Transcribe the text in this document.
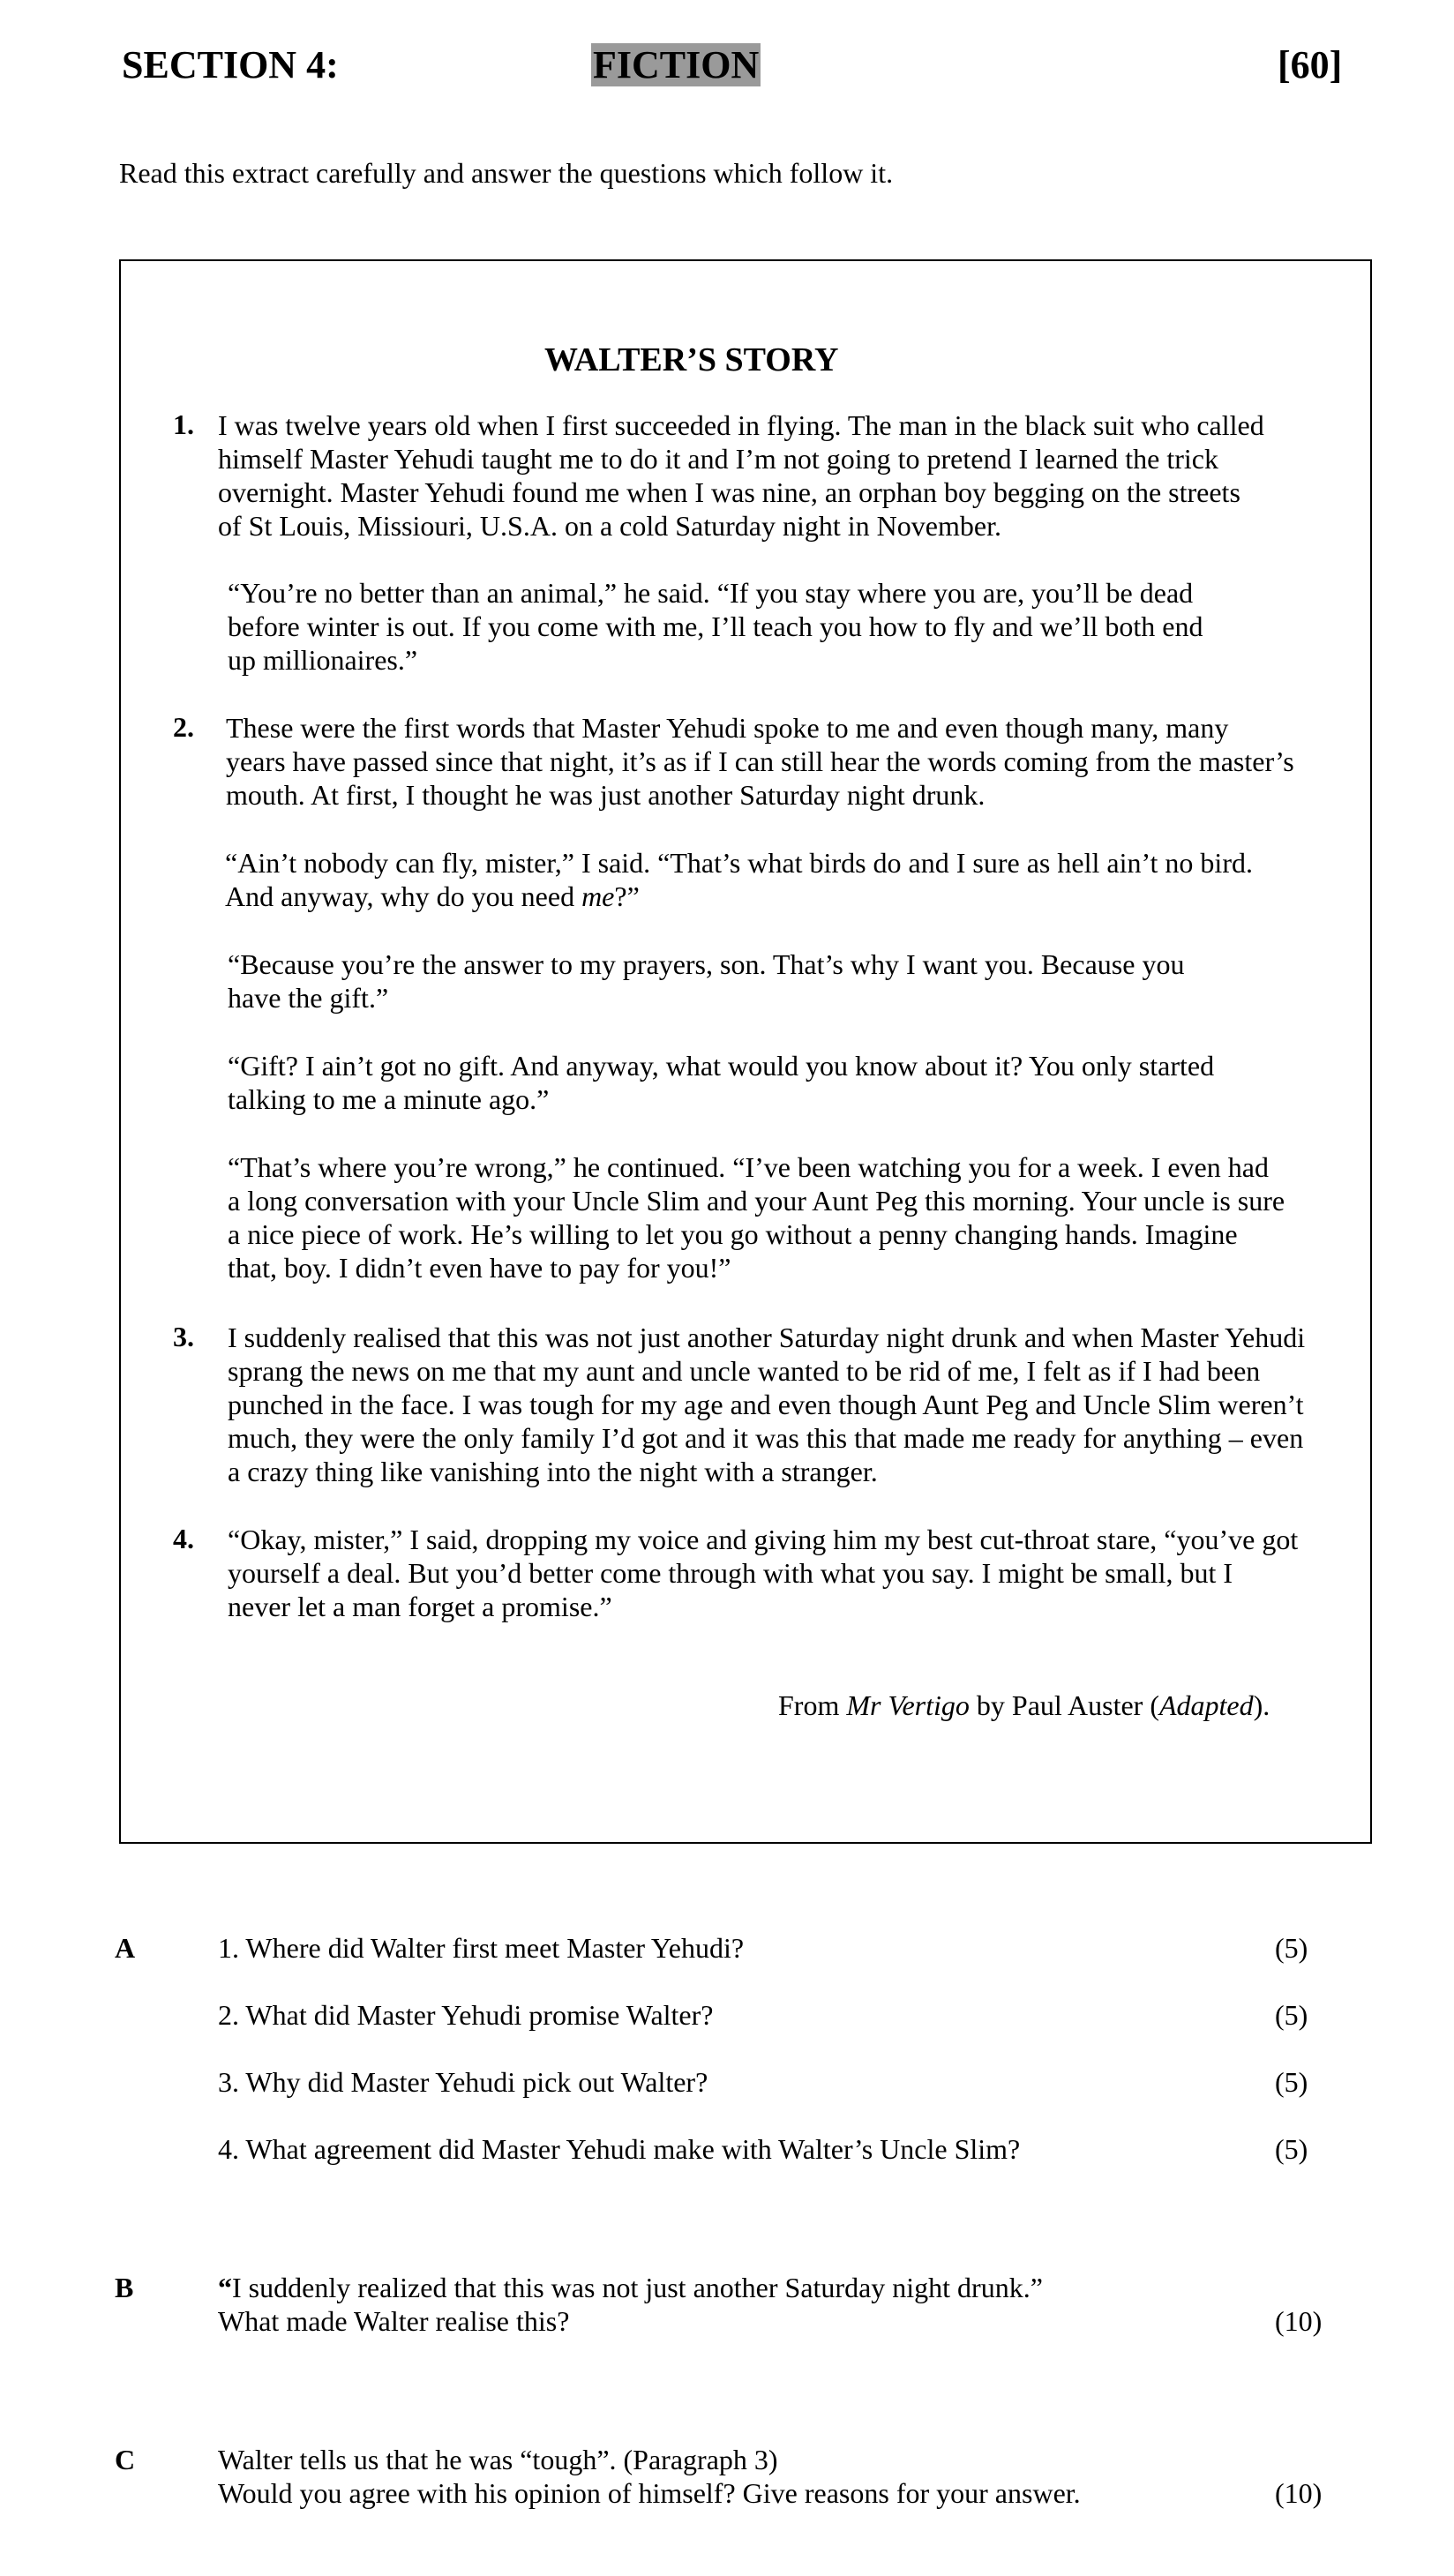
SECTION 4:	FICTION	[60]
Read this extract carefully and answer the questions which follow it.
WALTER’S STORY
1. I was twelve years old when I first succeeded in flying. The man in the black suit who called
himself Master Yehudi taught me to do it and I’m not going to pretend I learned the trick
overnight. Master Yehudi found me when I was nine, an orphan boy begging on the streets
of St Louis, Missiouri, U.S.A. on a cold Saturday night in November.
“You’re no better than an animal,” he said. “If you stay where you are, you’ll be dead
before winter is out. If you come with me, I’ll teach you how to fly and we’ll both end
up millionaires.”
2. These were the first words that Master Yehudi spoke to me and even though many, many
years have passed since that night, it’s as if I can still hear the words coming from the master’s
mouth. At first, I thought he was just another Saturday night drunk.
“Ain’t nobody can fly, mister,” I said. “That’s what birds do and I sure as hell ain’t no bird.
And anyway, why do you need me?”
“Because you’re the answer to my prayers, son. That’s why I want you. Because you
have the gift.”
“Gift? I ain’t got no gift. And anyway, what would you know about it? You only started
talking to me a minute ago.”
“That’s where you’re wrong,” he continued. “I’ve been watching you for a week. I even had
a long conversation with your Uncle Slim and your Aunt Peg this morning. Your uncle is sure
a nice piece of work. He’s willing to let you go without a penny changing hands. Imagine
that, boy. I didn’t even have to pay for you!”
3. I suddenly realised that this was not just another Saturday night drunk and when Master Yehudi
sprang the news on me that my aunt and uncle wanted to be rid of me, I felt as if I had been
punched in the face. I was tough for my age and even though Aunt Peg and Uncle Slim weren’t
much, they were the only family I’d got and it was this that made me ready for anything – even
a crazy thing like vanishing into the night with a stranger.
4. “Okay, mister,” I said, dropping my voice and giving him my best cut-throat stare, “you’ve got
yourself a deal. But you’d better come through with what you say. I might be small, but I
never let a man forget a promise.”
From Mr Vertigo by Paul Auster (Adapted).
A	1. Where did Walter first meet Master Yehudi?	(5)
2. What did Master Yehudi promise Walter?	(5)
3. Why did Master Yehudi pick out Walter?	(5)
4. What agreement did Master Yehudi make with Walter’s Uncle Slim?	(5)
B	“I suddenly realized that this was not just another Saturday night drunk.”
What made Walter realise this?	(10)
C	Walter tells us that he was “tough”. (Paragraph 3)
Would you agree with his opinion of himself? Give reasons for your answer.	(10)
